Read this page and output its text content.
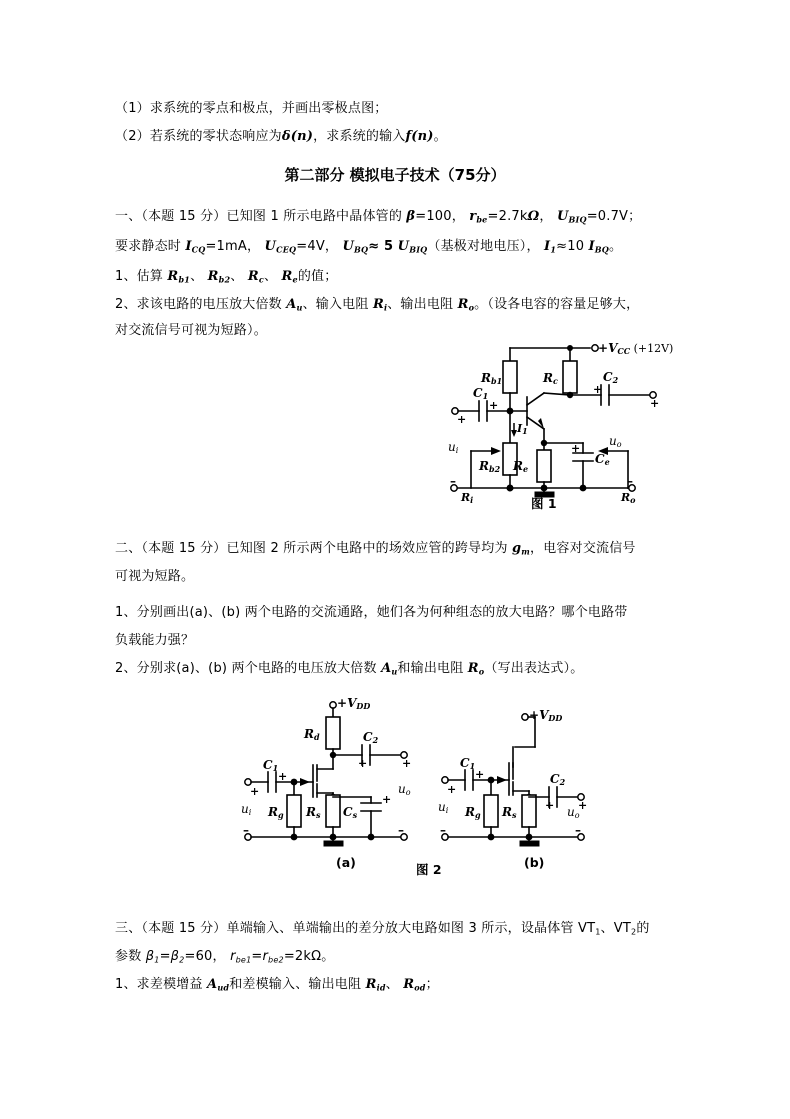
（1）求系统的零点和极点，并画出零极点图；
（2）若系统的零状态响应为δ(n)，求系统的输入f(n)。
第二部分 模拟电子技术（75分）
一、（本题 15 分）已知图 1 所示电路中晶体管的 β=100， $r_{be}=2.7k\Omega$， $U_{BIQ}=0.7V$；
要求静态时 $I_{CQ}=1mA$， $U_{CEQ}=4V$， $U_{BQ}\approx 5$ $U_{BIQ}$（基极对地电压）， $I_1\approx 10$ $I_{BQ}$。
1、估算 $R_{b1}$、 $R_{b2}$、 $R_c$、 $R_e$的值；
2、求该电路的电压放大倍数 $A_u$、输入电阻 $R_i$、输出电阻 $R_o$。（设各电容的容量足够大，
对交流信号可视为短路）。
+
+
–	–
+
+
+
+VCC (+12V)
Rb1	Rc
C1
C2
I1
Rb2 Re
Ce
ui
uo
Ri	Ro
图 1
二、（本题 15 分）已知图 2 所示两个电路中的场效应管的跨导均为 $g_m$，电容对交流信号
可视为短路。
1、分别画出(a)、(b) 两个电路的交流通路，她们各为何种组态的放大电路？哪个电路带
负载能力强？
2、分别求(a)、(b) 两个电路的电压放大倍数 $A_u$和输出电阻 $R_o$（写出表达式）。
+
+
+
+
+
–	–
+VDD
Rd	C2
C1
Rg Rs Cs
ui
uo	+
+
+ +
–	–
+VDD
C1
C2
Rg Rs
ui	uo
(a)	图 2	(b)
三、（本题 15 分）单端输入、单端输出的差分放大电路如图 3 所示，设晶体管 $VT_1$、$VT_2$的
参数 $\beta_1=\beta_2=60$， $r_{be1}=r_{be2}=2k\Omega$。
1、求差模增益 $A_{ud}$和差模输入、输出电阻 $R_{id}$、 $R_{od}$；
